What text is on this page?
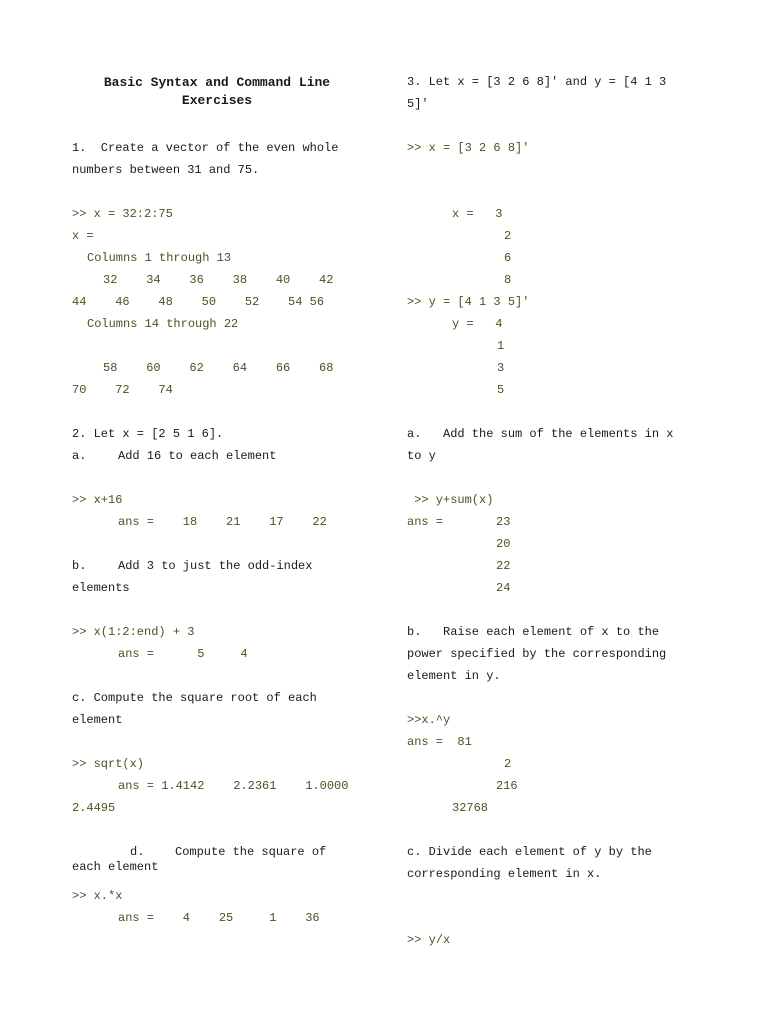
Basic Syntax and Command Line
Exercises
1.  Create a vector of the even whole
numbers between 31 and 75.
>> x = 32:2:75
x =
Columns 1 through 13
32    34    36    38    40    42
44    46    48    50    52    54 56
Columns 14 through 22
58    60    62    64    66    68
70    72    74
2. Let x = [2 5 1 6].
a.	Add 16 to each element
>> x+16
ans =    18    21    17    22
b.	Add 3 to just the odd-index
elements
>> x(1:2:end) + 3
ans =      5     4
c. Compute the square root of each
element
>> sqrt(x)
ans = 1.4142    2.2361    1.0000
2.4495
d.	Compute the square of
each element
>> x.*x
ans =    4    25     1    36
3. Let x = [3 2 6 8]' and y = [4 1 3
5]'
>> x = [3 2 6 8]'
x =   3
2
6
8
>> y = [4 1 3 5]'
y =   4
1
3
5
a.   Add the sum of the elements in x
to y
>> y+sum(x)
ans =	23
20
22
24
b.   Raise each element of x to the
power specified by the corresponding
element in y.
>>x.^y
ans =  81
2
216
32768
c. Divide each element of y by the
corresponding element in x.
>> y/x
